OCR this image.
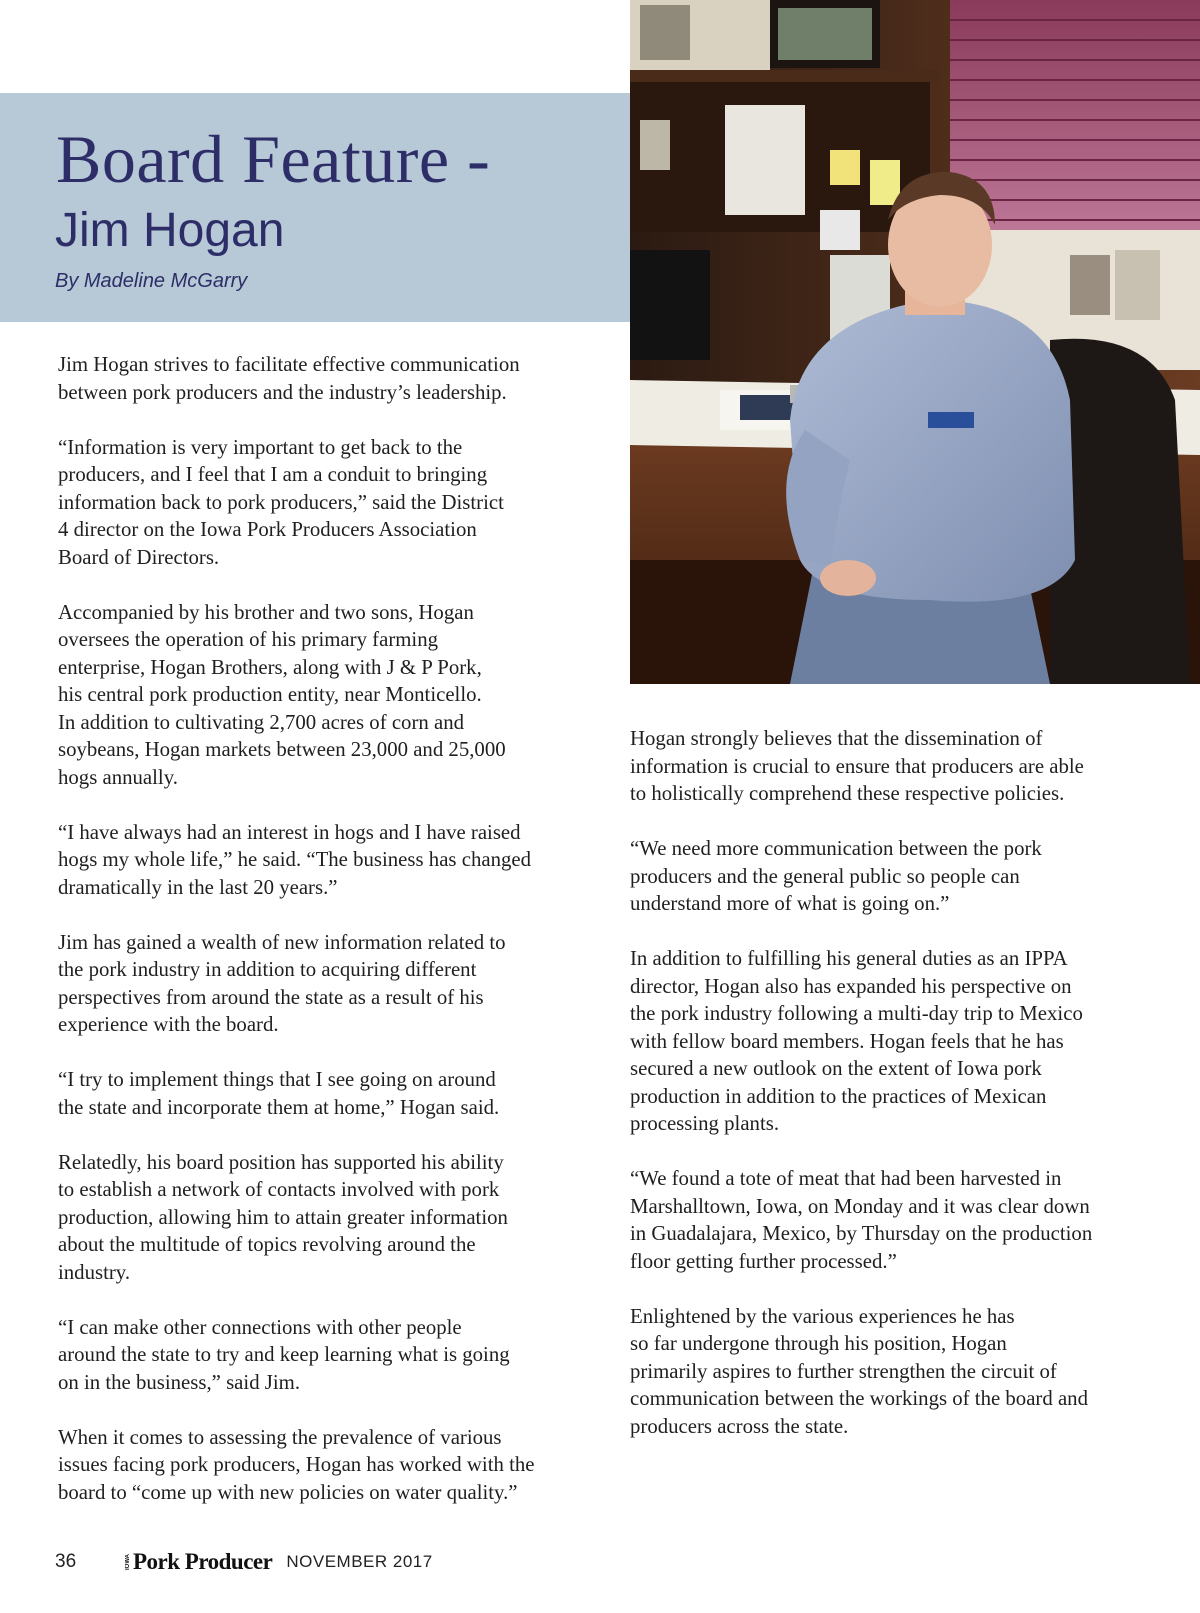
Board Feature -
Jim Hogan

By Madeline McGarry

Jim Hogan strives to facilitate effective communication
between pork producers and the industry’s leadership.

“Information is very important to get back to the
producers, and I feel that I am a conduit to bringing
information back to pork producers,” said the District
4 director on the Iowa Pork Producers Association
Board of Directors.

Accompanied by his brother and two sons, Hogan
oversees the operation of his primary farming
enterprise, Hogan Brothers, along with J & P Pork,
his central pork production entity, near Monticello.
In addition to cultivating 2,700 acres of corn and
soybeans, Hogan markets between 23,000 and 25,000
hogs annually.

“I have always had an interest in hogs and I have raised
hogs my whole life,” he said. “The business has changed
dramatically in the last 20 years.”

Jim has gained a wealth of new information related to
the pork industry in addition to acquiring different
perspectives from around the state as a result of his
experience with the board.

“I try to implement things that I see going on around
the state and incorporate them at home,” Hogan said.

Relatedly, his board position has supported his ability
to establish a network of contacts involved with pork
production, allowing him to attain greater information
about the multitude of topics revolving around the
industry.

“I can make other connections with other people
around the state to try and keep learning what is going
on in the business,” said Jim.

When it comes to assessing the prevalence of various
issues facing pork producers, Hogan has worked with the
board to “come up with new policies on water quality.”

Hogan strongly believes that the dissemination of
information is crucial to ensure that producers are able
to holistically comprehend these respective policies.

“We need more communication between the pork
producers and the general public so people can
understand more of what is going on.”

In addition to fulfilling his general duties as an IPPA
director, Hogan also has expanded his perspective on
the pork industry following a multi-day trip to Mexico
with fellow board members. Hogan feels that he has
secured a new outlook on the extent of Iowa pork
production in addition to the practices of Mexican
processing plants.

“We found a tote of meat that had been harvested in
Marshalltown, Iowa, on Monday and it was clear down
in Guadalajara, Mexico, by Thursday on the production
floor getting further processed.”

Enlightened by the various experiences he has
so far undergone through his position, Hogan
primarily aspires to further strengthen the circuit of
communication between the workings of the board and
producers across the state.

36	IOWA Pork Producer NOVEMBER 2017
